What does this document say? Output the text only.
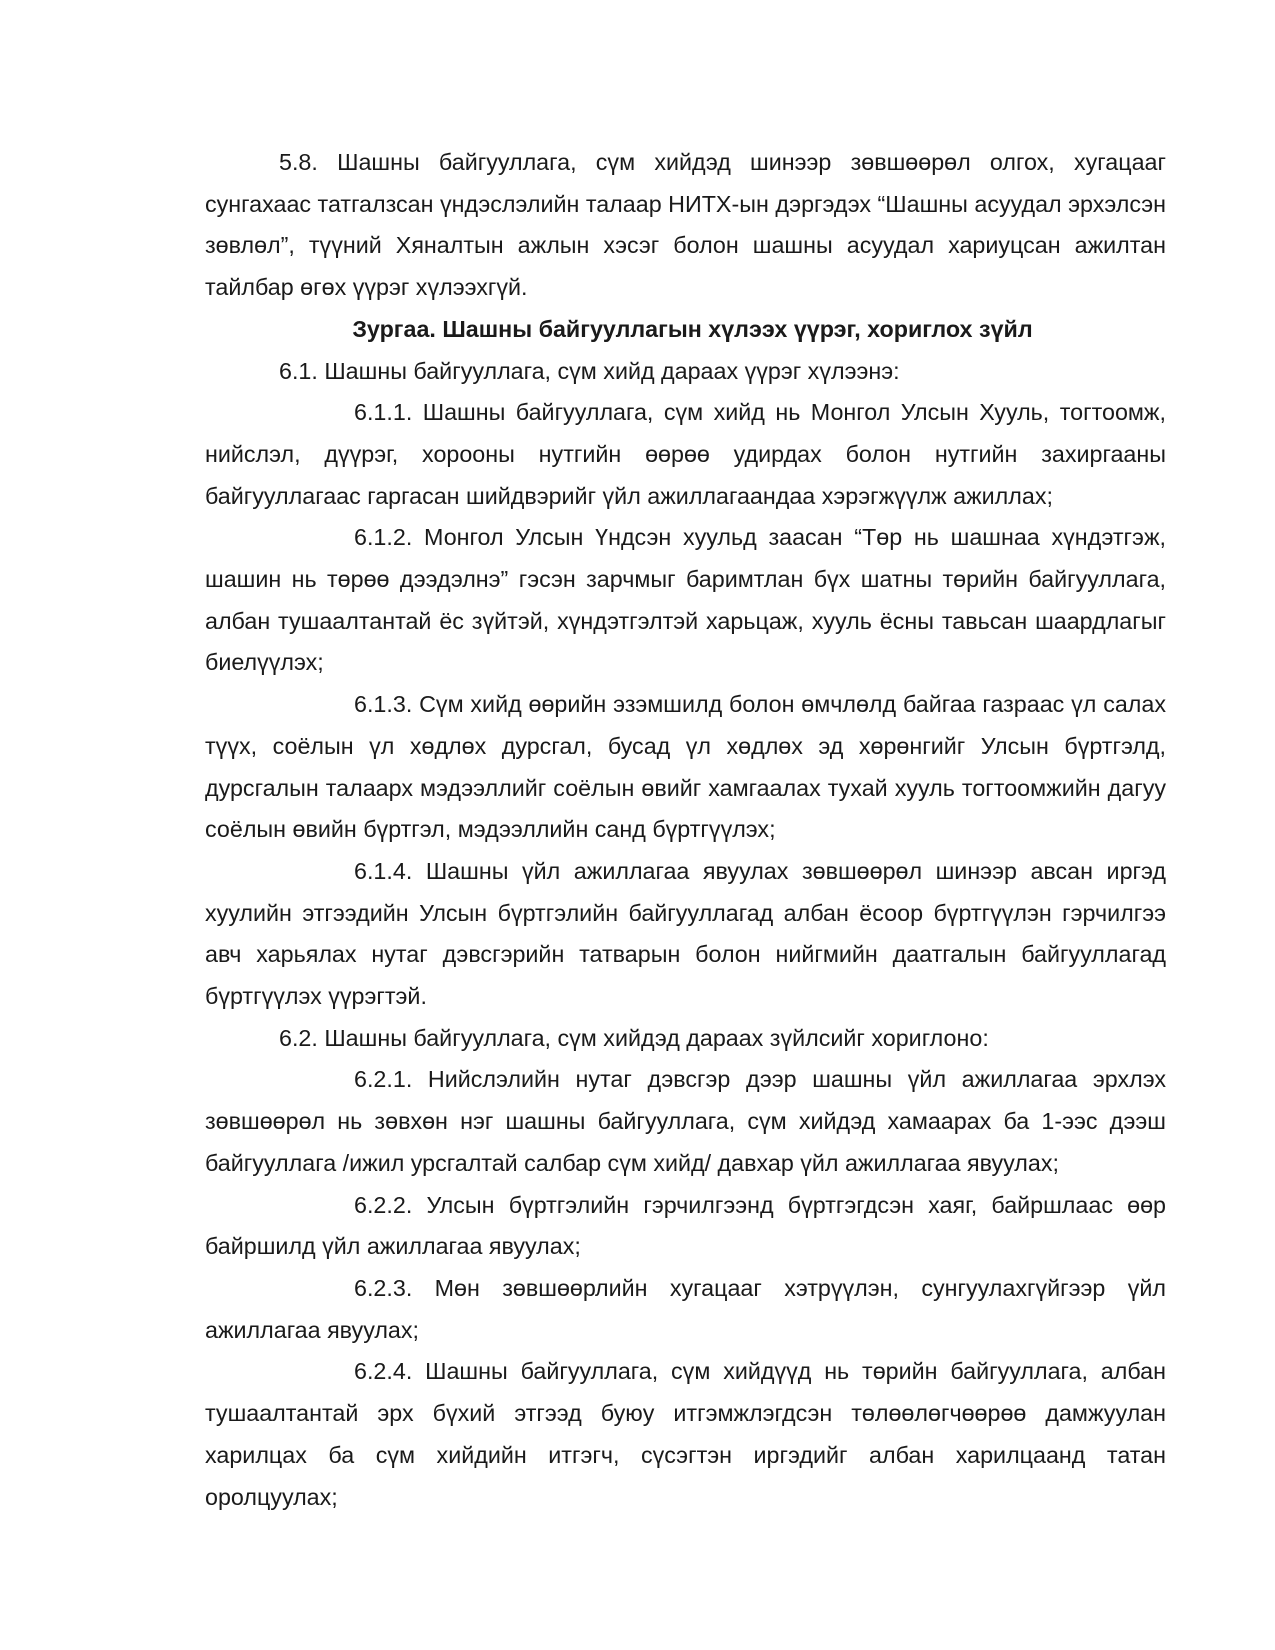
5.8. Шашны байгууллага, сүм хийдэд шинээр зөвшөөрөл олгох, хугацааг сунгахаас татгалзсан үндэслэлийн талаар НИТХ-ын дэргэдэх “Шашны асуудал эрхэлсэн зөвлөл”, түүний Хяналтын ажлын хэсэг болон шашны асуудал хариуцсан ажилтан тайлбар өгөх үүрэг хүлээхгүй.

Зургаа. Шашны байгууллагын хүлээх үүрэг, хориглох зүйл

6.1. Шашны байгууллага, сүм хийд дараах үүрэг хүлээнэ:

6.1.1. Шашны байгууллага, сүм хийд нь Монгол Улсын Хууль, тогтоомж, нийслэл, дүүрэг, хорооны нутгийн өөрөө удирдах болон нутгийн захиргааны байгууллагаас гаргасан шийдвэрийг үйл ажиллагаандаа хэрэгжүүлж ажиллах;

6.1.2. Монгол Улсын Үндсэн хуульд заасан “Төр нь шашнаа хүндэтгэж, шашин нь төрөө дээдэлнэ” гэсэн зарчмыг баримтлан бүх шатны төрийн байгууллага, албан тушаалтантай ёс зүйтэй, хүндэтгэлтэй харьцаж, хууль ёсны тавьсан шаардлагыг биелүүлэх;

6.1.3. Сүм хийд өөрийн эзэмшилд болон өмчлөлд байгаа газраас үл салах түүх, соёлын үл хөдлөх дурсгал, бусад үл хөдлөх эд хөрөнгийг Улсын бүртгэлд, дурсгалын талаарх мэдээллийг соёлын өвийг хамгаалах тухай хууль тогтоомжийн дагуу соёлын өвийн бүртгэл, мэдээллийн санд бүртгүүлэх;

6.1.4. Шашны үйл ажиллагаа явуулах зөвшөөрөл шинээр авсан иргэд хуулийн этгээдийн Улсын бүртгэлийн байгууллагад албан ёсоор бүртгүүлэн гэрчилгээ авч харьялах нутаг дэвсгэрийн татварын болон нийгмийн даатгалын байгууллагад бүртгүүлэх үүрэгтэй.

6.2. Шашны байгууллага, сүм хийдэд дараах зүйлсийг хориглоно:

6.2.1. Нийслэлийн нутаг дэвсгэр дээр шашны үйл ажиллагаа эрхлэх зөвшөөрөл нь зөвхөн нэг шашны байгууллага, сүм хийдэд хамаарах ба 1-ээс дээш байгууллага /ижил урсгалтай салбар сүм хийд/ давхар үйл ажиллагаа явуулах;

6.2.2. Улсын бүртгэлийн гэрчилгээнд бүртгэгдсэн хаяг, байршлаас өөр байршилд үйл ажиллагаа явуулах;

6.2.3. Мөн зөвшөөрлийн хугацааг хэтрүүлэн, сунгуулахгүйгээр үйл ажиллагаа явуулах;

6.2.4. Шашны байгууллага, сүм хийдүүд нь төрийн байгууллага, албан тушаалтантай эрх бүхий этгээд буюу итгэмжлэгдсэн төлөөлөгчөөрөө дамжуулан харилцах ба сүм хийдийн итгэгч, сүсэгтэн иргэдийг албан харилцаанд татан оролцуулах;
